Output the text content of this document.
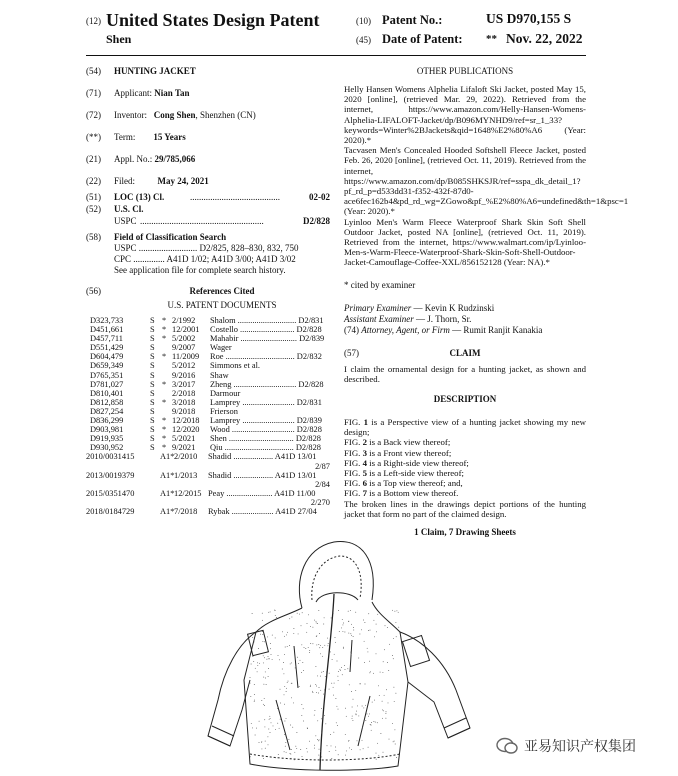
(12) United States Design Patent
Shen
(10) Patent No.:	US D970,155 S
(45) Date of Patent: ** Nov. 22, 2022
(54)	HUNTING JACKET
(71)	Applicant: Nian Tan
(72)	Inventor: Cong Shen, Shenzhen (CN)
(**)	Term: 15 Years
(21)	Appl. No.: 29/785,066
(22)	Filed:	May 24, 2021
(51)	LOC (13) Cl.	........................................	02-02
(52)	U.S. Cl.
USPC .......................................................	D2/828
(58)	Field of Classification Search
USPC .......................... D2/825, 828–830, 832, 750
CPC .............. A41D 1/02; A41D 3/00; A41D 3/02
See application file for complete search history.
(56)	References Cited
U.S. PATENT DOCUMENTS
D323,733	S * 2/1992	Shalom ............................ D2/831
D451,661	S * 12/2001	Costello .......................... D2/828
D457,711	S * 5/2002	Mahabir ........................... D2/839
D551,429	S	9/2007	Wager
D604,479	S * 11/2009	Roe ................................. D2/832
D659,349	S	5/2012	Simmons et al.
D765,351	S	9/2016	Shaw
D781,027	S * 3/2017	Zheng .............................. D2/828
D810,401	S	2/2018	Darmour
D812,858	S * 3/2018	Lamprey ......................... D2/831
D827,254	S	9/2018	Frierson
D836,299	S * 12/2018	Lamprey ......................... D2/839
D903,981	S * 12/2020	Wood .............................. D2/828
D919,935	S * 5/2021	Shen ............................... D2/828
D930,952	S * 9/2021	Qiu ................................. D2/828
2010/0031415	A1* 2/2010	Shadid ................... A41D 13/01
2/87
2013/0019379	A1* 1/2013	Shadid ................... A41D 13/01
2/84
2015/0351470	A1* 12/2015 Peay ...................... A41D 11/00
2/270
2018/0184729	A1* 7/2018	Rybak .................... A41D 27/04
OTHER PUBLICATIONS
Helly Hansen Womens Alphelia Lifaloft Ski Jacket, posted May 15, 2020 [online], (retrieved Mar. 29, 2022). Retrieved from the internet, https://www.amazon.com/Helly-Hansen-Womens-Alphelia-LIFALOFT-Jacket/dp/B096MYNHD9/ref=sr_1_33?keywords=Winter%2BJackets&qid=1648%E2%80%A6 (Year: 2020).*
Tacvasen Men's Concealed Hooded Softshell Fleece Jacket, posted Feb. 26, 2020 [online], (retrieved Oct. 11, 2019). Retrieved from the internet, https://www.amazon.com/dp/B085SHKSJR/ref=sspa_dk_detail_1?pf_rd_p=d533dd31-f352-432f-87d0-ace6fec162b4&pd_rd_wg=ZGowo&pf_%E2%80%A6=undefined&th=1&psc=1 (Year: 2020).*
Lyinloo Men's Warm Fleece Waterproof Shark Skin Soft Shell Outdoor Jacket, posted NA [online], (retrieved Oct. 11, 2019). Retrieved from the internet, https://www.walmart.com/ip/Lyinloo-Men-s-Warm-Fleece-Waterproof-Shark-Skin-Soft-Shell-Outdoor-Jacket-Camouflage-Coffee-XXL/856152128 (Year: NA).*
* cited by examiner
Primary Examiner — Kevin K Rudzinski
Assistant Examiner — J. Thorn, Sr.
(74) Attorney, Agent, or Firm — Rumit Ranjit Kanakia
(57)	CLAIM
I claim the ornamental design for a hunting jacket, as shown and described.
DESCRIPTION
FIG. 1 is a Perspective view of a hunting jacket showing my new design;
FIG. 2 is a Back view thereof;
FIG. 3 is a Front view thereof;
FIG. 4 is a Right-side view thereof;
FIG. 5 is a Left-side view thereof;
FIG. 6 is a Top view thereof; and,
FIG. 7 is a Bottom view thereof.
The broken lines in the drawings depict portions of the hunting jacket that form no part of the claimed design.
1 Claim, 7 Drawing Sheets
亚易知识产权集团
